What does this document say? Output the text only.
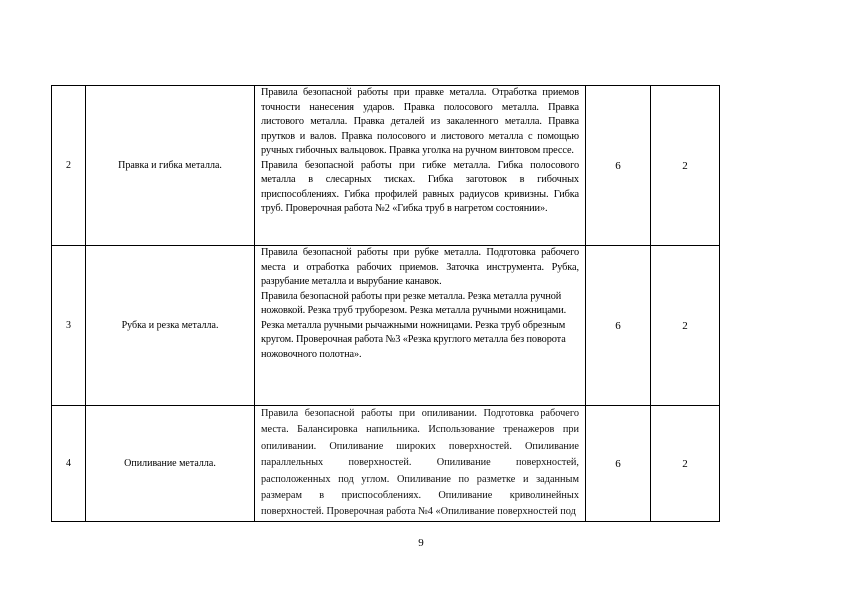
2	Правка и гибка металла.	Правила безопасной работы при правке металла. Отработка приемов точности нанесения ударов. Правка полосового металла. Правка листового металла. Правка деталей из закаленного металла. Правка прутков и валов. Правка полосового и листового металла с помощью ручных гибочных вальцовок. Правка уголка на ручном винтовом прессе.

Правила безопасной работы при гибке металла. Гибка полосового металла в слесарных тисках. Гибка заготовок в гибочных приспособлениях. Гибка профилей равных радиусов кривизны. Гибка труб. Проверочная работа №2 «Гибка труб в нагретом состоянии».	6	2
3	Рубка и резка металла.	Правила безопасной работы при рубке металла. Подготовка рабочего места и отработка рабочих приемов. Заточка инструмента. Рубка, разрубание металла и вырубание канавок.

Правила безопасной работы при резке металла. Резка металла ручной ножовкой. Резка труб труборезом. Резка металла ручными ножницами. Резка металла ручными рычажными ножницами. Резка труб обрезным кругом. Проверочная работа №3 «Резка круглого металла без поворота ножовочного полотна».	6	2
4	Опиливание металла.	Правила безопасной работы при опиливании. Подготовка рабочего места. Балансировка напильника. Использование тренажеров при опиливании. Опиливание широких поверхностей. Опиливание параллельных поверхностей. Опиливание поверхностей, расположенных под углом. Опиливание по разметке и заданным размерам в приспособлениях. Опиливание криволинейных поверхностей. Проверочная работа №4 «Опиливание поверхностей под	6	2
9
